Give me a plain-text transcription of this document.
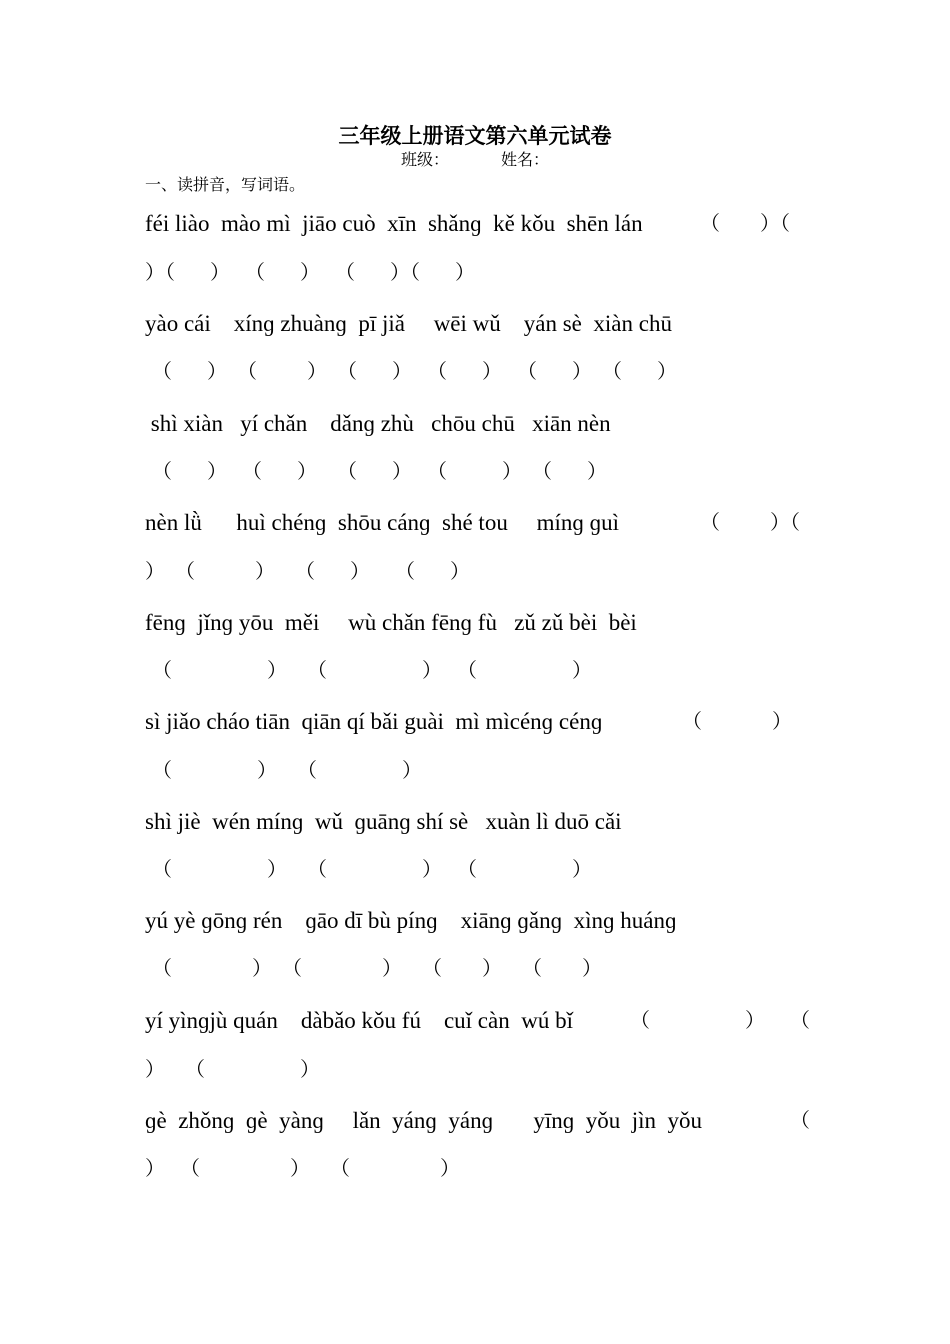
三年级上册语文第六单元试卷
班级：	姓名：
一、读拼音，写词语。
féi liào  mào mì  jiāo cuò  xīn  shǎnɡ  kě kǒu  shēn lán	（        ）（
）（       ）   （       ）   （       ）（       ）
yào cái    xínɡ zhuànɡ  pī jiǎ     wēi wǔ    yán sè  xiàn chū
（       ）  （          ）  （       ）   （       ）   （       ）  （       ）
shì xiàn   yí chǎn    dǎnɡ zhù   chōu chū   xiān nèn
（       ）   （       ）    （       ）   （           ）  （       ）
nèn lǜ      huì chénɡ  shōu cánɡ  shé tou     mínɡ ɡuì	（          ）（
）  （            ）    （       ）     （       ）
fēnɡ  jǐnɡ yōu  měi     wù chǎn fēnɡ fù   zǔ zǔ bèi  bèi
（                   ）    （                   ）   （                   ）
sì jiǎo cháo tiān  qiān qí bǎi guài  mì mìcénɡ cénɡ	（              ）
（                 ）    （                 ）
shì jiè  wén mínɡ  wǔ  ɡuānɡ shí sè   xuàn lì duō cǎi
（                   ）    （                   ）   （                   ）
yú yè ɡōnɡ rén    ɡāo dī bù pínɡ    xiānɡ ɡǎnɡ  xìnɡ huánɡ
（                ）  （                ）    （        ）    （        ）
yí yìnɡjù quán    dàbǎo kǒu fú    cuǐ càn  wú bǐ	（                   ）     （
）    （                   ）
ɡè  zhǒnɡ  ɡè  yànɡ     lǎn  yánɡ  yánɡ       yīnɡ  yǒu  jìn  yǒu	（
）   （                  ）    （                  ）
